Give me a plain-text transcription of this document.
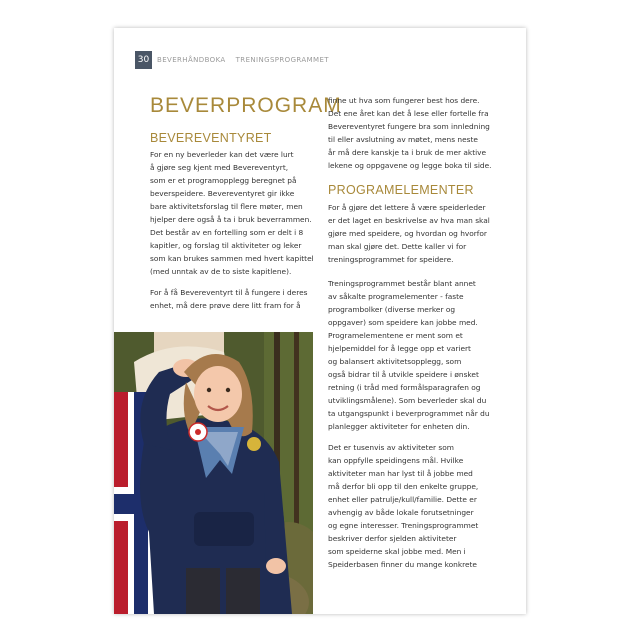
30	BEVERHÅNDBOKA TRENINGSPROGRAMMET
BEVERPROGRAM
BEVEREVENTYRET

For en ny beverleder kan det være lurt
å gjøre seg kjent med Bevereventyrt,
som er et programopplegg beregnet på
beverspeidere. Bevereventyret gir ikke
bare aktivitetsforslag til flere møter, men
hjelper dere også å ta i bruk beverrammen.
Det består av en fortelling som er delt i 8
kapitler, og forslag til aktiviteter og leker
som kan brukes sammen med hvert kapittel
(med unntak av de to siste kapitlene).

For å få Bevereventyrt til å fungere i deres
enhet, må dere prøve dere litt fram for å

finne ut hva som fungerer best hos dere.
Det ene året kan det å lese eller fortelle fra
Bevereventyret fungere bra som innledning
til eller avslutning av møtet, mens neste
år må dere kanskje ta i bruk de mer aktive
lekene og oppgavene og legge boka til side.

PROGRAMELEMENTER

For å gjøre det lettere å være speiderleder
er det laget en beskrivelse av hva man skal
gjøre med speidere, og hvordan og hvorfor
man skal gjøre det. Dette kaller vi for
treningsprogrammet for speidere.

Treningsprogrammet består blant annet
av såkalte programelementer - faste
programbolker (diverse merker og
oppgaver) som speidere kan jobbe med.
Programelementene er ment som et
hjelpemiddel for å legge opp et variert
og balansert aktivitetsopplegg, som
også bidrar til å utvikle speidere i ønsket
retning (i tråd med formålsparagrafen og
utviklingsmålene). Som beverleder skal du
ta utgangspunkt i beverprogrammet når du
planlegger aktiviteter for enheten din.

Det er tusenvis av aktiviteter som
kan oppfylle speidingens mål. Hvilke
aktiviteter man har lyst til å jobbe med
må derfor bli opp til den enkelte gruppe,
enhet eller patrulje/kull/familie. Dette er
avhengig av både lokale forutsetninger
og egne interesser. Treningsprogrammet
beskriver derfor sjelden aktiviteter
som speiderne skal jobbe med. Men i
Speiderbasen finner du mange konkrete
